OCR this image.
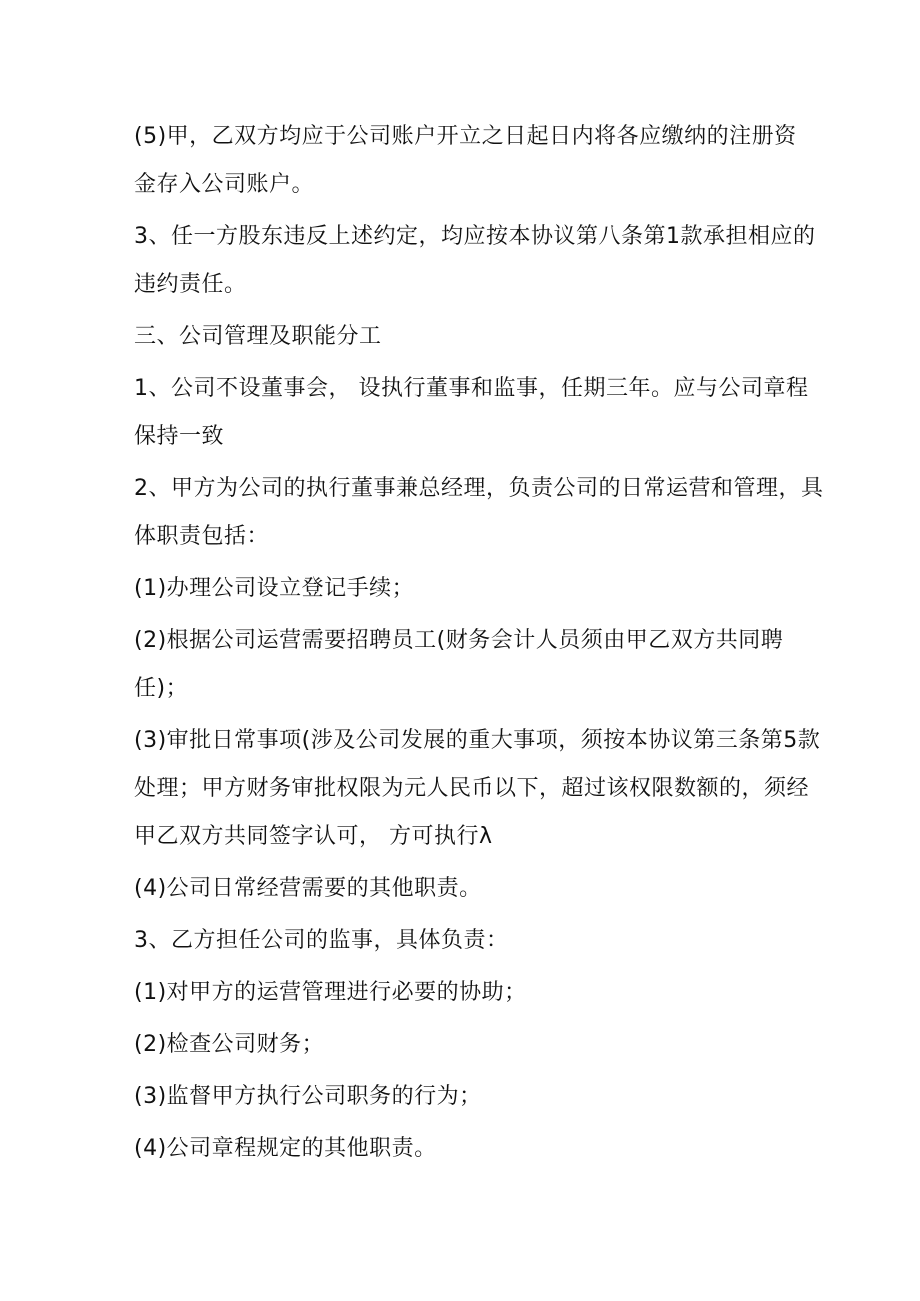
(5)甲，乙双方均应于公司账户开立之日起日内将各应缴纳的注册资
金存入公司账户。
3、任一方股东违反上述约定，均应按本协议第八条第1款承担相应的
违约责任。
三、公司管理及职能分工
1、公司不设董事会， 设执行董事和监事，任期三年。应与公司章程
保持一致
2、甲方为公司的执行董事兼总经理，负责公司的日常运营和管理，具
体职责包括：
(1)办理公司设立登记手续；
(2)根据公司运营需要招聘员工(财务会计人员须由甲乙双方共同聘
任)；
(3)审批日常事项(涉及公司发展的重大事项，须按本协议第三条第5款
处理；甲方财务审批权限为元人民币以下，超过该权限数额的，须经
甲乙双方共同签字认可， 方可执行λ
(4)公司日常经营需要的其他职责。
3、乙方担任公司的监事，具体负责：
(1)对甲方的运营管理进行必要的协助；
(2)检查公司财务；
(3)监督甲方执行公司职务的行为；
(4)公司章程规定的其他职责。
